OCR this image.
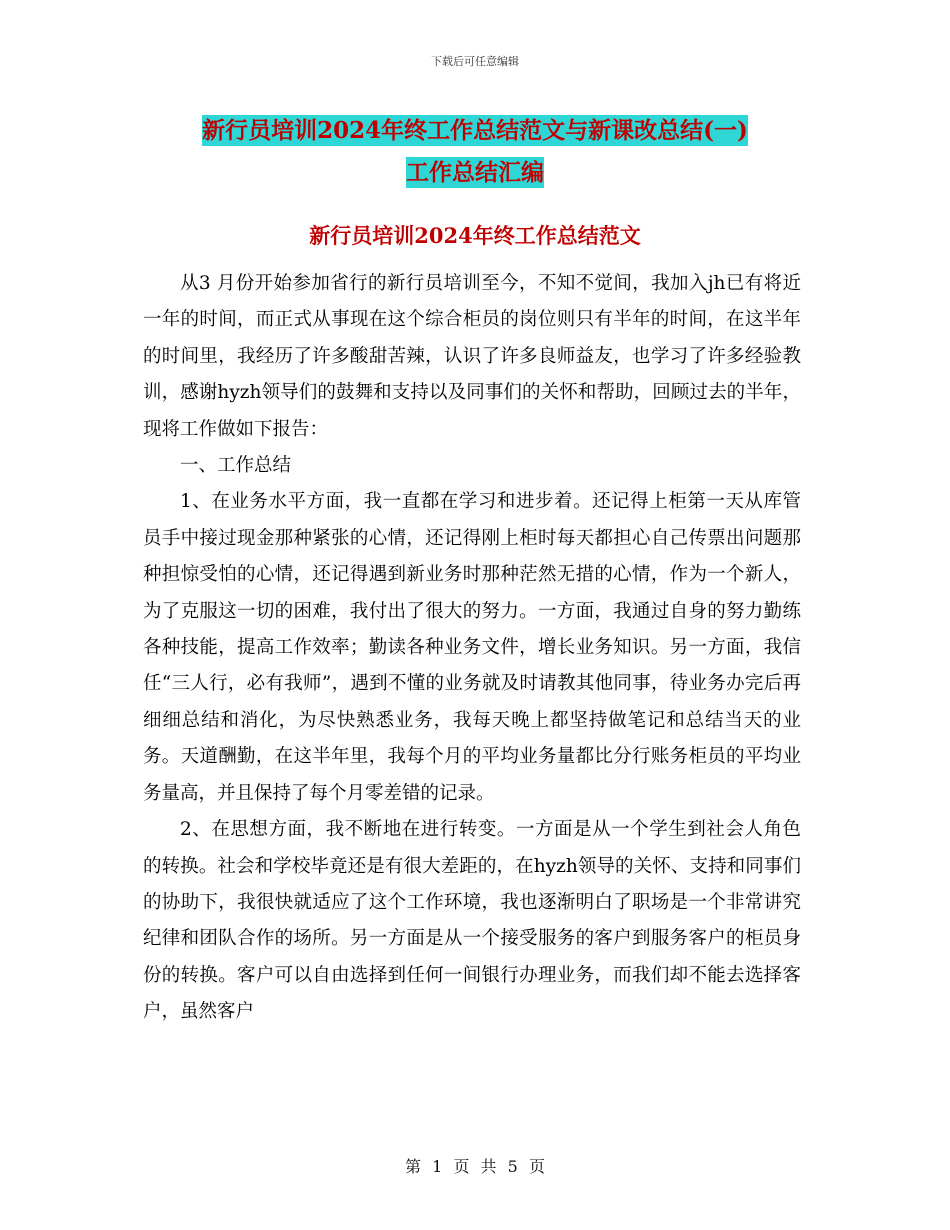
下载后可任意编辑
新行员培训2024年终工作总结范文与新课改总结(一)
工作总结汇编
新行员培训2024年终工作总结范文

从3 月份开始参加省行的新行员培训至今，不知不觉间，我加入jh已有将近一年的时间，而正式从事现在这个综合柜员的岗位则只有半年的时间，在这半年的时间里，我经历了许多酸甜苦辣，认识了许多良师益友，也学习了许多经验教训，感谢hyzh领导们的鼓舞和支持以及同事们的关怀和帮助，回顾过去的半年，现将工作做如下报告：

一、工作总结

1、在业务水平方面，我一直都在学习和进步着。还记得上柜第一天从库管员手中接过现金那种紧张的心情，还记得刚上柜时每天都担心自己传票出问题那种担惊受怕的心情，还记得遇到新业务时那种茫然无措的心情，作为一个新人，为了克服这一切的困难，我付出了很大的努力。一方面，我通过自身的努力勤练各种技能，提高工作效率；勤读各种业务文件，增长业务知识。另一方面，我信任“三人行，必有我师”，遇到不懂的业务就及时请教其他同事，待业务办完后再细细总结和消化，为尽快熟悉业务，我每天晚上都坚持做笔记和总结当天的业务。天道酬勤，在这半年里，我每个月的平均业务量都比分行账务柜员的平均业务量高，并且保持了每个月零差错的记录。

2、在思想方面，我不断地在进行转变。一方面是从一个学生到社会人角色的转换。社会和学校毕竟还是有很大差距的，在hyzh领导的关怀、支持和同事们的协助下，我很快就适应了这个工作环境，我也逐渐明白了职场是一个非常讲究纪律和团队合作的场所。另一方面是从一个接受服务的客户到服务客户的柜员身份的转换。客户可以自由选择到任何一间银行办理业务，而我们却不能去选择客户，虽然客户

第 1 页 共 5 页
